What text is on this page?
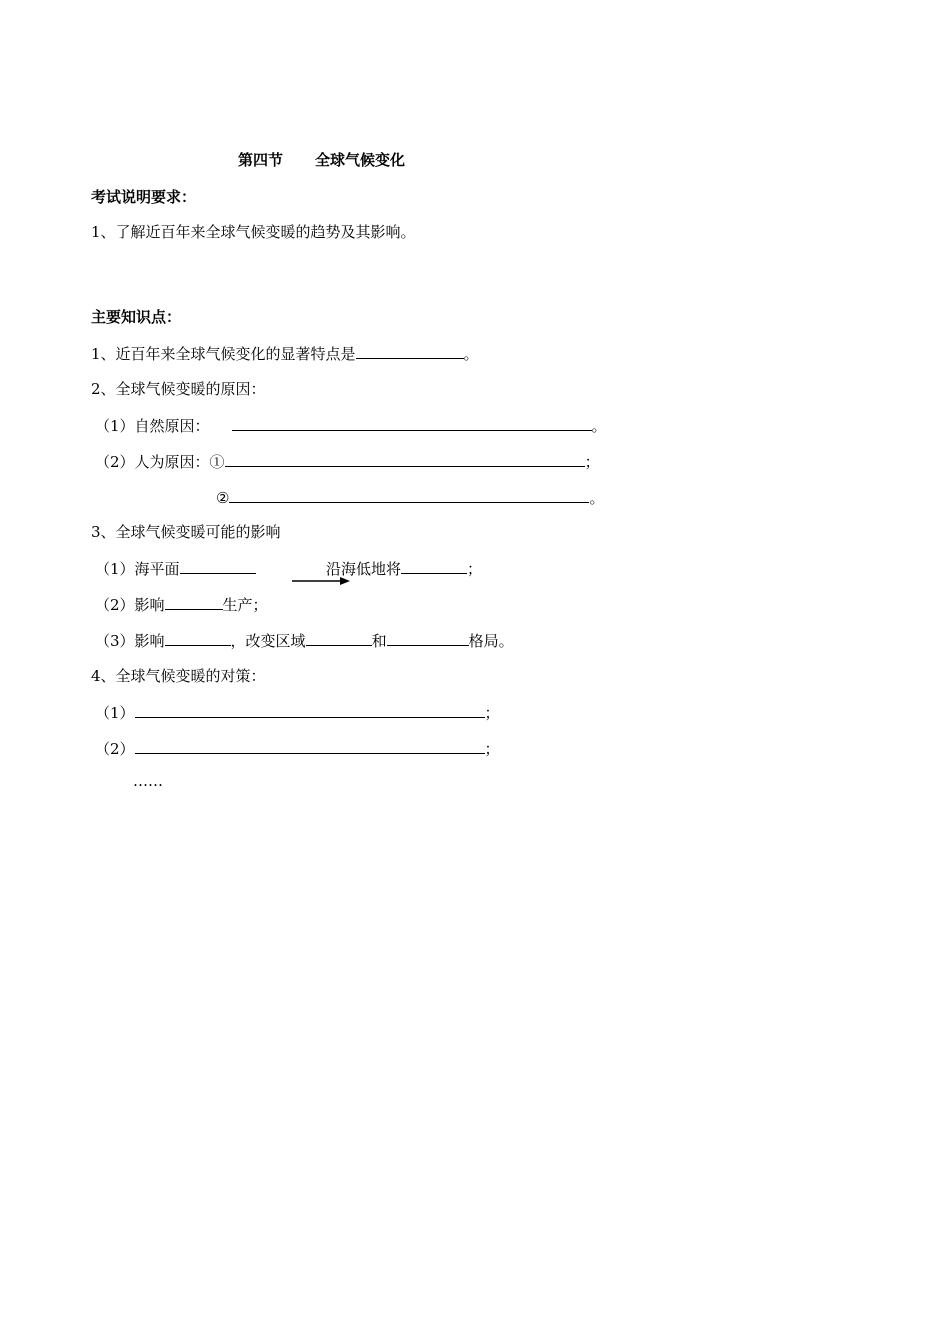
第四节 全球气候变化
考试说明要求：
1、了解近百年来全球气候变暖的趋势及其影响。
主要知识点：
1、近百年来全球气候变化的显著特点是	。
2、全球气候变暖的原因：
（1）自然原因：	。
（2）人为原因：①	；
②	。
3、全球气候变暖可能的影响
（1）海平面	沿海低地将	；
（2）影响	生产；
（3）影响	，改变区域	和	格局。
4、全球气候变暖的对策：
（1）	；
（2）	；
……
